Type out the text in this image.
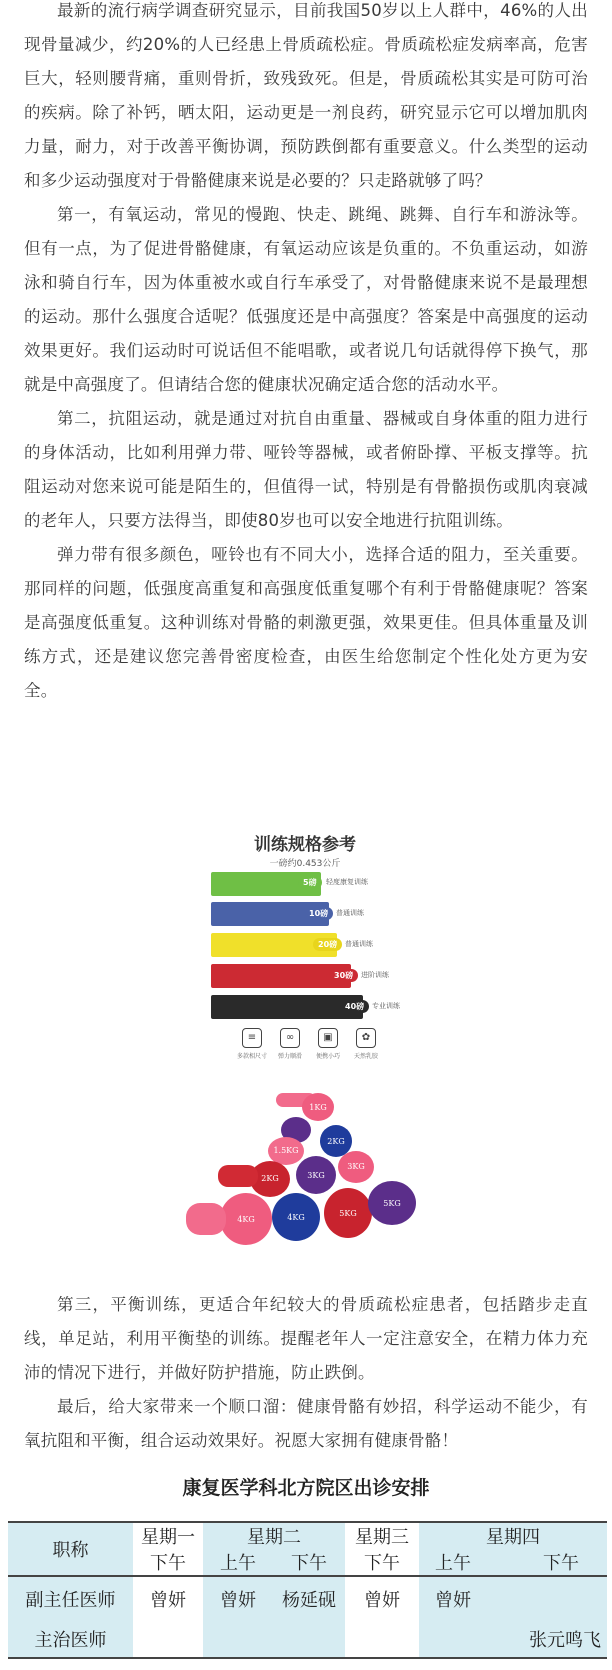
最新的流行病学调查研究显示，目前我国50岁以上人群中，46%的人出现骨量减少，约20%的人已经患上骨质疏松症。骨质疏松症发病率高，危害巨大，轻则腰背痛，重则骨折，致残致死。但是，骨质疏松其实是可防可治的疾病。除了补钙，晒太阳，运动更是一剂良药，研究显示它可以增加肌肉力量，耐力，对于改善平衡协调，预防跌倒都有重要意义。什么类型的运动和多少运动强度对于骨骼健康来说是必要的？只走路就够了吗？

第一，有氧运动，常见的慢跑、快走、跳绳、跳舞、自行车和游泳等。但有一点，为了促进骨骼健康，有氧运动应该是负重的。不负重运动，如游泳和骑自行车，因为体重被水或自行车承受了，对骨骼健康来说不是最理想的运动。那什么强度合适呢？低强度还是中高强度？答案是中高强度的运动效果更好。我们运动时可说话但不能唱歌，或者说几句话就得停下换气，那就是中高强度了。但请结合您的健康状况确定适合您的活动水平。

第二，抗阻运动，就是通过对抗自由重量、器械或自身体重的阻力进行的身体活动，比如利用弹力带、哑铃等器械，或者俯卧撑、平板支撑等。抗阻运动对您来说可能是陌生的，但值得一试，特别是有骨骼损伤或肌肉衰减的老年人，只要方法得当，即使80岁也可以安全地进行抗阻训练。

弹力带有很多颜色，哑铃也有不同大小，选择合适的阻力，至关重要。那同样的问题，低强度高重复和高强度低重复哪个有利于骨骼健康呢？答案是高强度低重复。这种训练对骨骼的刺激更强，效果更佳。但具体重量及训练方式，还是建议您完善骨密度检查，由医生给您制定个性化处方更为安全。

训练规格参考
一磅约0.453公斤
5磅	轻度康复训练
10磅	普通训练
20磅	普通训练
30磅	进阶训练
40磅	专业训练
≡
多款相尺寸
∞
弹力顺滑
▣
便携小巧
✿
天然乳胶
1KG
2KG
1.5KG
3KG
3KG
2KG
4KG	4KG	5KG
5KG

第三，平衡训练，更适合年纪较大的骨质疏松症患者，包括踏步走直线，单足站，利用平衡垫的训练。提醒老年人一定注意安全，在精力体力充沛的情况下进行，并做好防护措施，防止跌倒。

最后，给大家带来一个顺口溜：健康骨骼有妙招，科学运动不能少，有氧抗阻和平衡，组合运动效果好。祝愿大家拥有健康骨骼！

康复医学科北方院区出诊安排
职称	星期一	星期二		星期三	星期四	
	下午	上午	下午	下午	上午	下午
副主任医师	曾妍	曾妍	杨延砚	曾妍	曾妍	
主治医师						张元鸣飞
